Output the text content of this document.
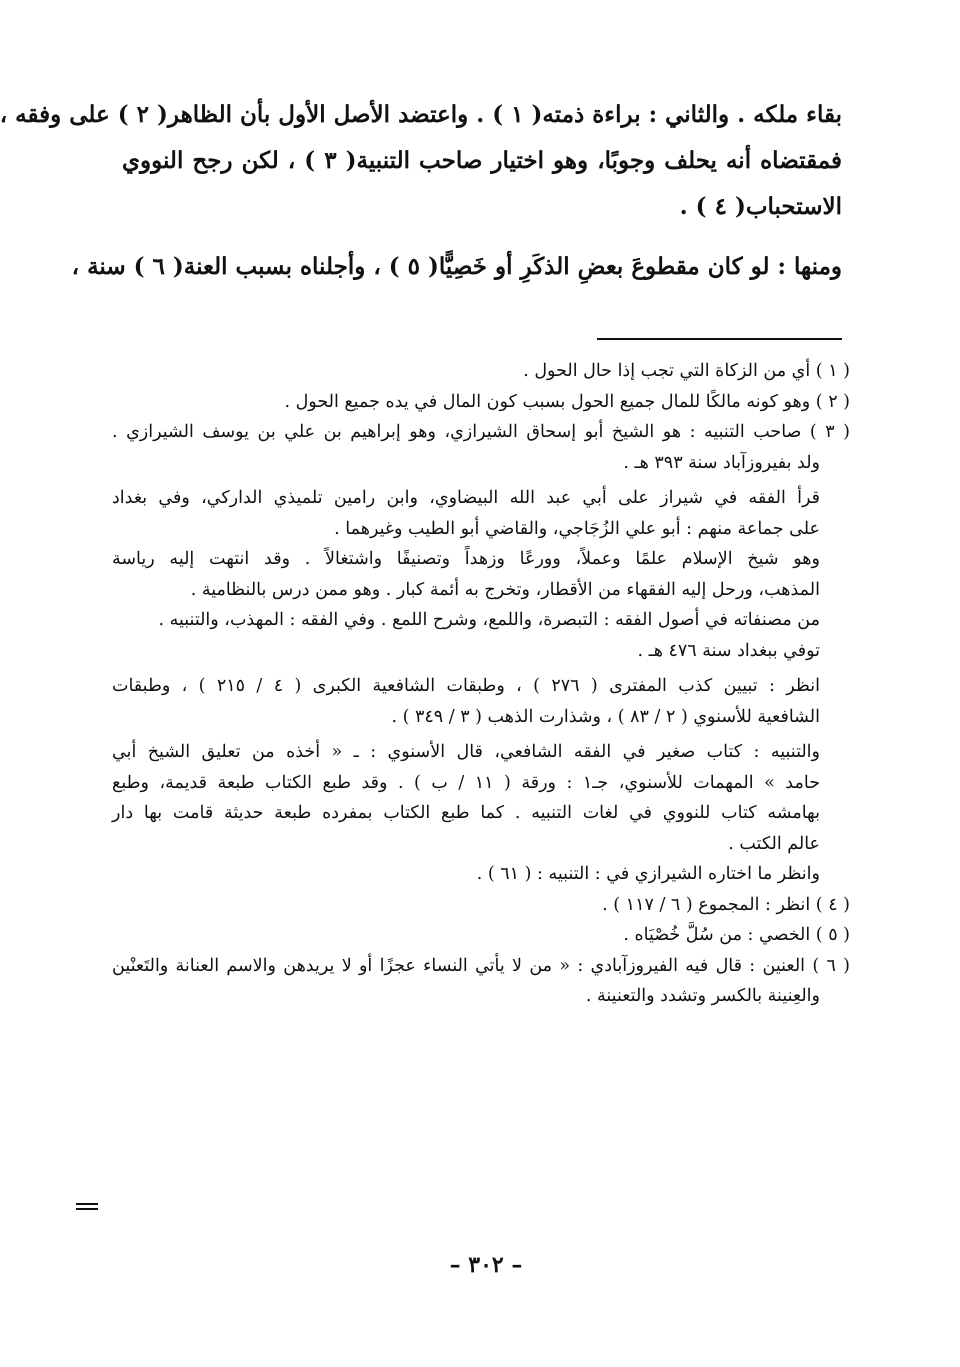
بقاء ملكه . والثاني : براءة ذمته( ١ ) . واعتضد الأصل الأول بأن الظاهر( ٢ ) على وفقه ،
فمقتضاه أنه يحلف وجوبًا، وهو اختيار صاحب التنبية( ٣ ) ، لكن رجح النووي
الاستحباب( ٤ ) .
ومنها : لو كان مقطوعَ بعضِ الذكَرِ أو خَصِيًّا( ٥ ) ، وأجلناه بسبب العنة( ٦ ) سنة ،
( ١ ) أي من الزكاة التي تجب إذا حال الحول .
( ٢ ) وهو كونه مالكًا للمال جميع الحول بسبب كون المال في يده جميع الحول .
( ٣ ) صاحب التنبيه : هو الشيخ أبو إسحاق الشيرازي، وهو إبراهيم بن علي بن يوسف الشيرازي .
ولد بفيروزآباد سنة ٣٩٣ هـ .
قرأ الفقه في شيراز على أبي عبد الله البيضاوي، وابن رامين تلميذي الداركي، وفي بغداد
على جماعة منهم : أبو علي الزُجَاجي، والقاضي أبو الطيب وغيرهما .
وهو شيخ الإسلام علمًا وعملاً، وورعًا وزهداً وتصنيفًا واشتغالاً . وقد انتهت إليه رياسة
المذهب، ورحل إليه الفقهاء من الأقطار، وتخرج به أئمة كبار . وهو ممن درس بالنظامية .
من مصنفاته في أصول الفقه : التبصرة، واللمع، وشرح اللمع . وفي الفقه : المهذب، والتنبيه .
توفي ببغداد سنة ٤٧٦ هـ .
انظر : تبيين كذب المفترى ( ٢٧٦ ) ، وطبقات الشافعية الكبرى ( ٤ / ٢١٥ ) ، وطبقات
الشافعية للأسنوي ( ٢ / ٨٣ ) ، وشذارت الذهب ( ٣ / ٣٤٩ ) .
والتنبيه : كتاب صغير في الفقه الشافعي، قال الأسنوي : ـ « أخذه من تعليق الشيخ أبي
حامد » المهمات للأسنوي، جـ١ : ورقة ( ١١ / ب ) . وقد طبع الكتاب طبعة قديمة، وطبع
بهامشه كتاب للنووي في لغات التنبيه . كما طبع الكتاب بمفرده طبعة حديثة قامت بها دار
عالم الكتب .
وانظر ما اختاره الشيرازي في : التنبيه : ( ٦١ ) .
( ٤ ) انظر : المجموع ( ٦ / ١١٧ ) .
( ٥ ) الخصي : من سُلَّ خُصْيَاه .
( ٦ ) العنين : قال فيه الفيروزآبادي : « من لا يأتي النساء عجزًا أو لا يريدهن والاسم العنانة والتَعنْين
والعِنينة بالكسر وتشدد والتعنينة .
– ٣٠٢ –
